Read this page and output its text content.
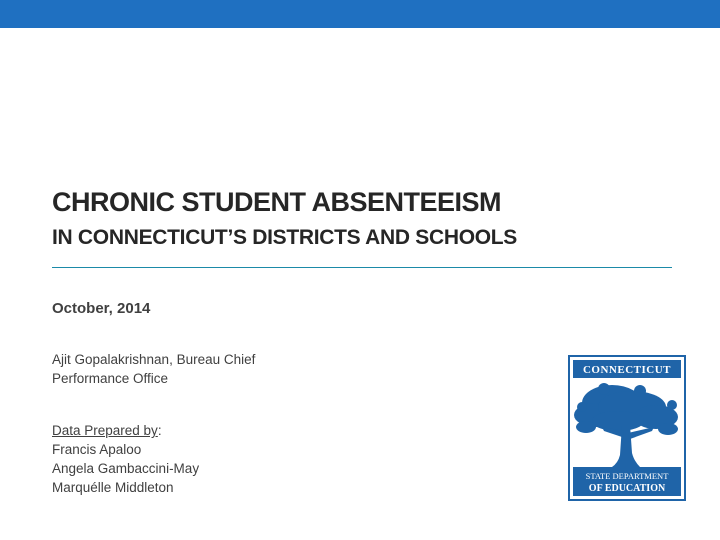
CHRONIC STUDENT ABSENTEEISM
IN CONNECTICUT’S DISTRICTS AND SCHOOLS
October, 2014
Ajit Gopalakrishnan, Bureau Chief
Performance Office
Data Prepared by:
Francis Apaloo
Angela Gambaccini-May
Marquélle Middleton
CONNECTICUT
STATE DEPARTMENT
OF EDUCATION
